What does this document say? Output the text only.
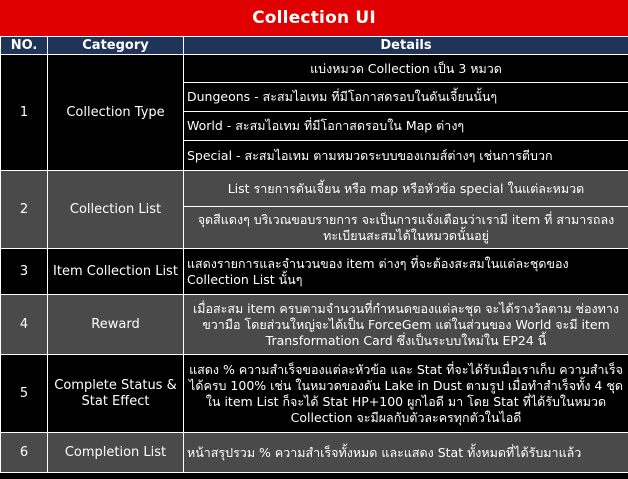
Collection UI
NO.	Category	Details
1	Collection Type	แบ่งหมวด Collection เป็น 3 หมวด
		Dungeons - สะสมไอเทม ที่มีโอกาสดรอบในดันเจี้ยนนั้นๆ
		World - สะสมไอเทม ที่มีโอกาสดรอบใน Map ต่างๆ
		Special - สะสมไอเทม ตามหมวดระบบของเกมส์ต่างๆ เช่นการตีบวก
2	Collection List	List รายการดันเจี้ยน หรือ map หรือหัวข้อ special ในแต่ละหมวด
		จุดสีแดงๆ บริเวณขอบรายการ จะเป็นการแจ้งเตือนว่าเรามี item ที่ สามารถลงทะเบียนสะสมได้ในหมวดนั้นอยู่
3	Item Collection List	แสดงรายการและจำนวนของ item ต่างๆ ที่จะต้องสะสมในแต่ละชุดของ Collection List นั้นๆ
4	Reward	เมื่อสะสม item ครบตามจำนวนที่กำหนดของแต่ละชุด จะได้รางวัลตาม ช่องทางขวามือ โดยส่วนใหญ่จะได้เป็น ForceGem แต่ในส่วนของ World จะมี item Transformation Card ซึ่งเป็นระบบใหม่ใน EP24 นี้
5	Complete Status & Stat Effect	แสดง % ความสำเร็จของแต่ละหัวข้อ และ Stat ที่จะได้รับเมื่อเราเก็บ ความสำเร็จได้ครบ 100% เช่น ในหมวดของดัน Lake in Dust ตามรูป เมื่อทำสำเร็จทั้ง 4 ชุดใน item List ก็จะได้ Stat HP+100 ผูกไอดี มา โดย Stat ที่ได้รับในหมวด Collection จะมีผลกับตัวละครทุกตัวในไอดี
6	Completion List	หน้าสรุปรวม % ความสำเร็จทั้งหมด และแสดง Stat ทั้งหมดที่ได้รับมาแล้ว
